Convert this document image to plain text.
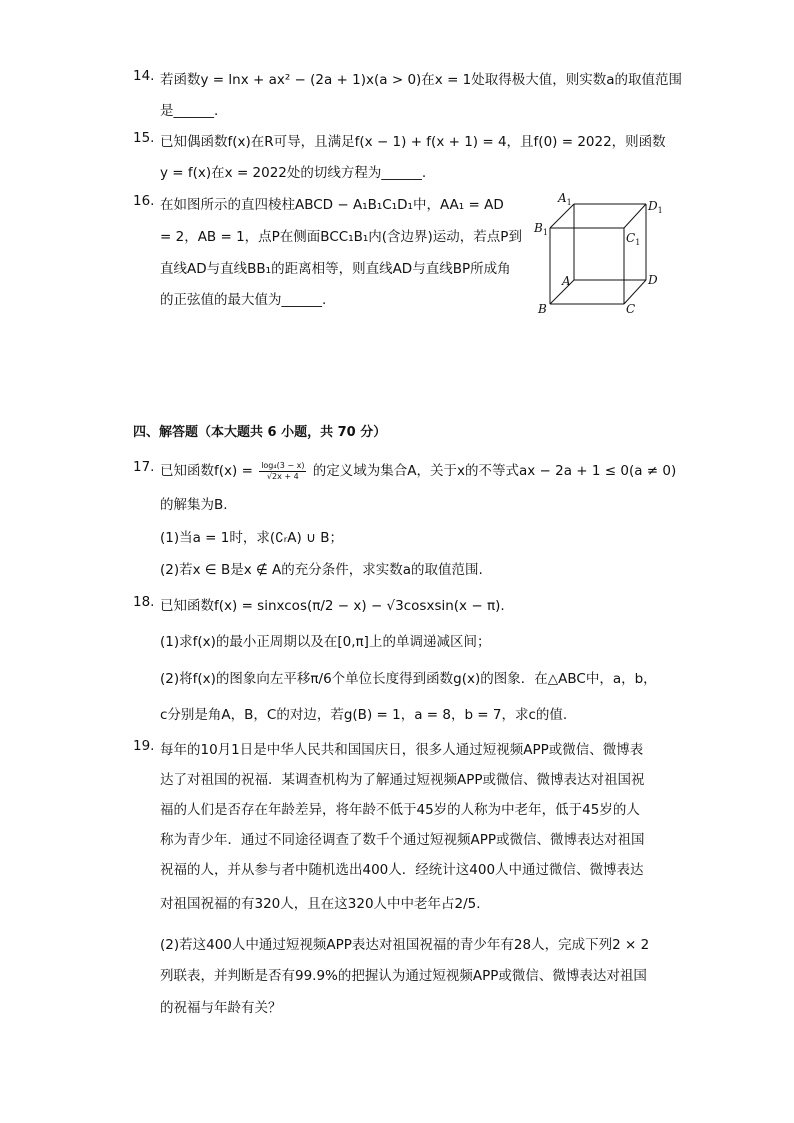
14. 若函数y = lnx + ax² − (2a + 1)x(a > 0)在x = 1处取得极大值，则实数a的取值范围
是______.
15. 已知偶函数f(x)在R可导，且满足f(x − 1) + f(x + 1) = 4，且f(0) = 2022，则函数
y = f(x)在x = 2022处的切线方程为______.
16. 在如图所示的直四棱柱ABCD − A₁B₁C₁D₁中，AA₁ = AD
= 2，AB = 1，点P在侧面BCC₁B₁内(含边界)运动，若点P到
直线AD与直线BB₁的距离相等，则直线AD与直线BP所成角
的正弦值的最大值为______.
$A_1$
$B_1$	$C_1$
$D_1$
A
B	C
D
四、解答题（本大题共 6 小题，共 70 分）
17. 已知函数$f(x) = \frac{\text{log₄(3 − x)}}{√2x + 4}$ 的定义域为集合A，关于x的不等式ax − 2a + 1 ≤ 0(a ≠ 0)
的解集为B.
(1)当a = 1时，求(∁ᵣA) ∪ B；
(2)若x ∈ B是x ∉ A的充分条件，求实数a的取值范围.
18. 已知函数f(x) = sinxcos(π/2 − x) − √3cosxsin(x − π).
(1)求f(x)的最小正周期以及在[0,π]上的单调递减区间；
(2)将f(x)的图象向左平移π/6个单位长度得到函数g(x)的图象．在△ABC中，a，b，
c分别是角A，B，C的对边，若g(B) = 1，a = 8，b = 7，求c的值.
19. 每年的10月1日是中华人民共和国国庆日，很多人通过短视频APP或微信、微博表
达了对祖国的祝福．某调查机构为了解通过短视频APP或微信、微博表达对祖国祝
福的人们是否存在年龄差异，将年龄不低于45岁的人称为中老年，低于45岁的人
称为青少年．通过不同途径调查了数千个通过短视频APP或微信、微博表达对祖国
祝福的人，并从参与者中随机选出400人．经统计这400人中通过微信、微博表达
对祖国祝福的有320人，且在这320人中中老年占2/5.
(2)若这400人中通过短视频APP表达对祖国祝福的青少年有28人，完成下列2 × 2
列联表，并判断是否有99.9%的把握认为通过短视频APP或微信、微博表达对祖国
的祝福与年龄有关？
